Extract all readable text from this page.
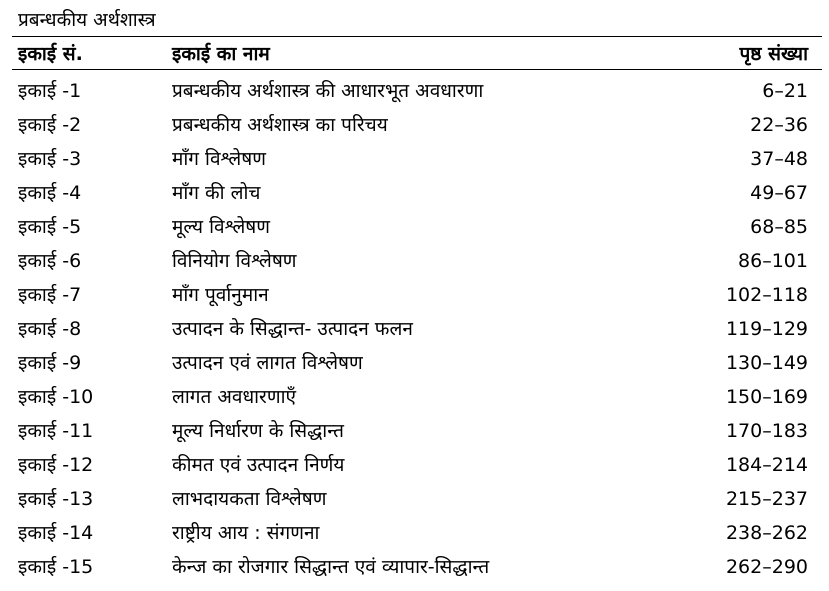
प्रबन्धकीय अर्थशास्त्र
इकाई सं.	इकाई का नाम	पृष्ठ संख्या
इकाई -1	प्रबन्धकीय अर्थशास्त्र की आधारभूत अवधारणा	6–21
इकाई -2	प्रबन्धकीय अर्थशास्त्र का परिचय	22–36
इकाई -3	माँग विश्लेषण	37–48
इकाई -4	माँग की लोच	49–67
इकाई -5	मूल्य विश्लेषण	68–85
इकाई -6	विनियोग विश्लेषण	86–101
इकाई -7	माँग पूर्वानुमान	102–118
इकाई -8	उत्पादन के सिद्धान्त- उत्पादन फलन	119–129
इकाई -9	उत्पादन एवं लागत विश्लेषण	130–149
इकाई -10	लागत अवधारणाएँ	150–169
इकाई -11	मूल्य निर्धारण के सिद्धान्त	170–183
इकाई -12	कीमत एवं उत्पादन निर्णय	184–214
इकाई -13	लाभदायकता विश्लेषण	215–237
इकाई -14	राष्ट्रीय आय : संगणना	238–262
इकाई -15	केन्ज का रोजगार सिद्धान्त एवं व्यापार-सिद्धान्त	262–290
